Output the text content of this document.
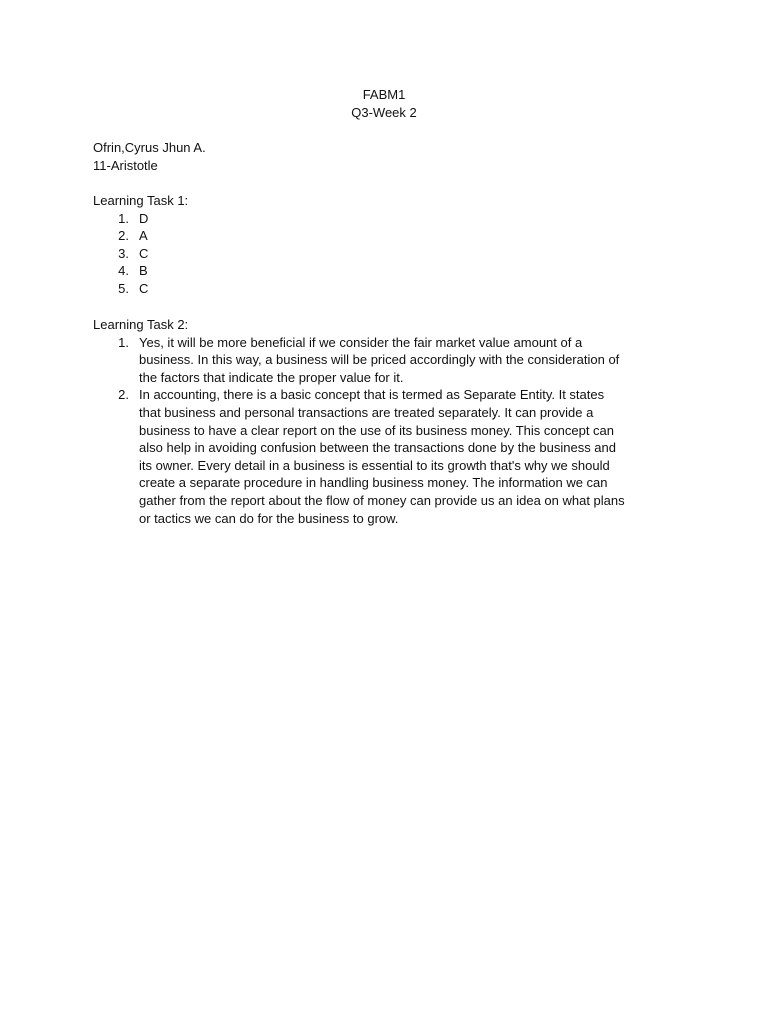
FABM1
Q3-Week 2
Ofrin,Cyrus Jhun A.
11-Aristotle
Learning Task 1:
1. D
2. A
3. C
4. B
5. C
Learning Task 2:
1. Yes, it will be more beneficial if we consider the fair market value amount of a
business. In this way, a business will be priced accordingly with the consideration of
the factors that indicate the proper value for it.
2. In accounting, there is a basic concept that is termed as Separate Entity. It states
that business and personal transactions are treated separately. It can provide a
business to have a clear report on the use of its business money. This concept can
also help in avoiding confusion between the transactions done by the business and
its owner. Every detail in a business is essential to its growth that's why we should
create a separate procedure in handling business money. The information we can
gather from the report about the flow of money can provide us an idea on what plans
or tactics we can do for the business to grow.
